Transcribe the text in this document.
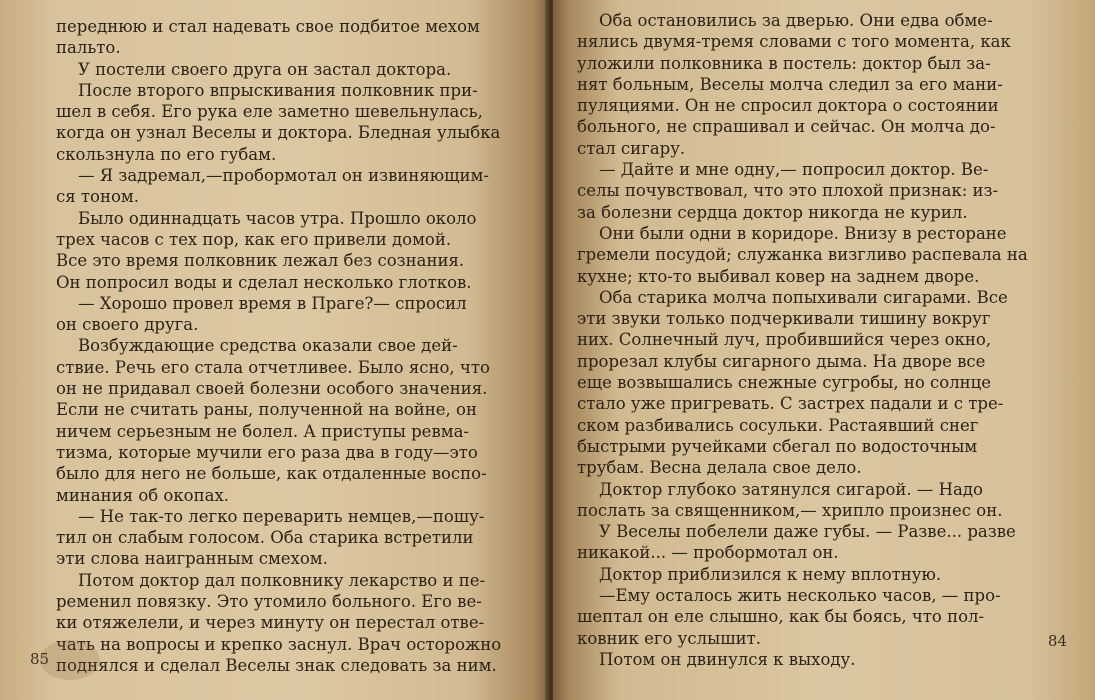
переднюю и стал надевать свое подбитое мехом
пальто.
У постели своего друга он застал доктора.
После второго впрыскивания полковник при-
шел в себя. Его рука еле заметно шевельнулась,
когда он узнал Веселы и доктора. Бледная улыбка
скользнула по его губам.
— Я задремал,—пробормотал он извиняющим-
ся тоном.
Было одиннадцать часов утра. Прошло около
трех часов с тех пор, как его привели домой.
Все это время полковник лежал без сознания.
Он попросил воды и сделал несколько глотков.
— Хорошо провел время в Праге?— спросил
он своего друга.
Возбуждающие средства оказали свое дей-
ствие. Речь его стала отчетливее. Было ясно, что
он не придавал своей болезни особого значения.
Если не считать раны, полученной на войне, он
ничем серьезным не болел. А приступы ревма-
тизма, которые мучили его раза два в году—это
было для него не больше, как отдаленные воспо-
минания об окопах.
— Не так-то легко переварить немцев,—пошу-
тил он слабым голосом. Оба старика встретили
эти слова наигранным смехом.
Потом доктор дал полковнику лекарство и пе-
ременил повязку. Это утомило больного. Его ве-
ки отяжелели, и через минуту он перестал отве-
чать на вопросы и крепко заснул. Врач осторожно
поднялся и сделал Веселы знак следовать за ним.
85
Оба остановились за дверью. Они едва обме-
нялись двумя-тремя словами с того момента, как
уложили полковника в постель: доктор был за-
нят больным, Веселы молча следил за его мани-
пуляциями. Он не спросил доктора о состоянии
больного, не спрашивал и сейчас. Он молча до-
стал сигару.
— Дайте и мне одну,— попросил доктор. Ве-
селы почувствовал, что это плохой признак: из-
за болезни сердца доктор никогда не курил.
Они были одни в коридоре. Внизу в ресторане
гремели посудой; служанка визгливо распевала на
кухне; кто-то выбивал ковер на заднем дворе.
Оба старика молча попыхивали сигарами. Все
эти звуки только подчеркивали тишину вокруг
них. Солнечный луч, пробившийся через окно,
прорезал клубы сигарного дыма. На дворе все
еще возвышались снежные сугробы, но солнце
стало уже пригревать. С застрех падали и с тре-
ском разбивались сосульки. Растаявший снег
быстрыми ручейками сбегал по водосточным
трубам. Весна делала свое дело.
Доктор глубоко затянулся сигарой. — Надо
послать за священником,— хрипло произнес он.
У Веселы побелели даже губы. — Разве... разве
никакой... — пробормотал он.
Доктор приблизился к нему вплотную.
—Ему осталось жить несколько часов, — про-
шептал он еле слышно, как бы боясь, что пол-
ковник его услышит.
Потом он двинулся к выходу.
84
